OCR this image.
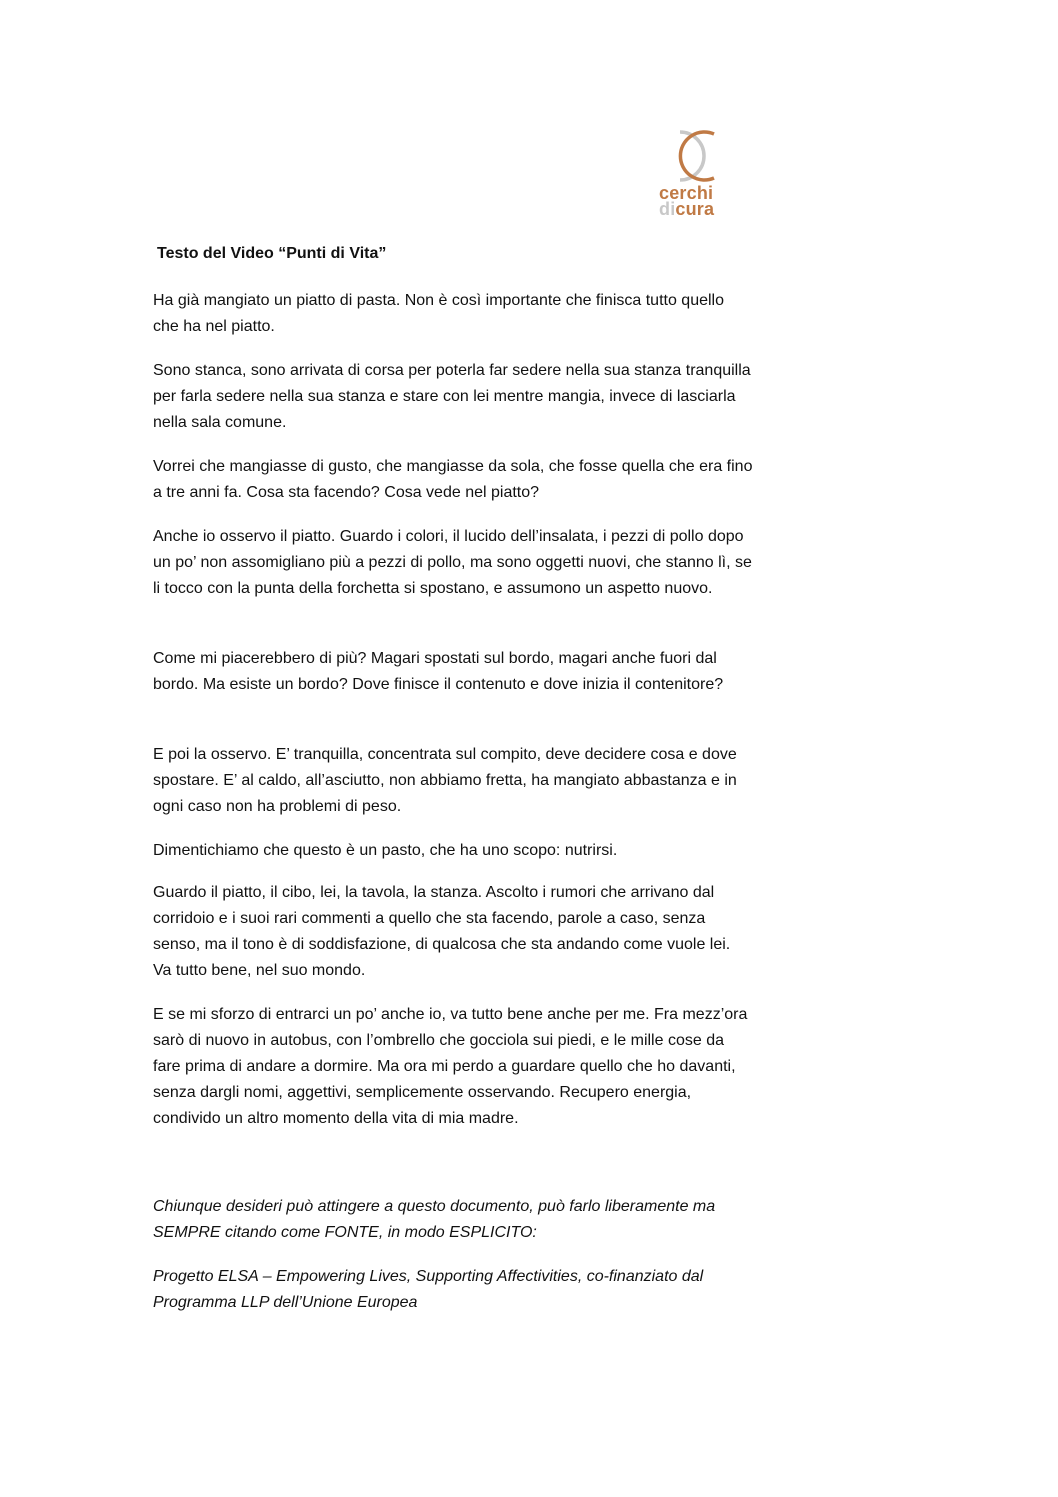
cerchi
dicura

Testo del Video “Punti di Vita”

Ha già mangiato un piatto di pasta. Non è così importante che finisca tutto quello che ha nel piatto.

Sono stanca, sono arrivata di corsa per poterla far sedere nella sua stanza tranquilla per farla sedere nella sua stanza e stare con lei mentre mangia, invece di lasciarla nella sala comune.

Vorrei che mangiasse di gusto, che mangiasse da sola, che fosse quella che era fino a tre anni fa. Cosa sta facendo? Cosa vede nel piatto?

Anche io osservo il piatto. Guardo i colori, il lucido dell’insalata, i pezzi di pollo dopo un po’ non assomigliano più a pezzi di pollo, ma sono oggetti nuovi, che stanno lì, se li tocco con la punta della forchetta si spostano, e assumono un aspetto nuovo.

Come mi piacerebbero di più? Magari spostati sul bordo, magari anche fuori dal bordo. Ma esiste un bordo? Dove finisce il contenuto e dove inizia il contenitore?

E poi la osservo. E’ tranquilla, concentrata sul compito, deve decidere cosa e dove spostare. E’ al caldo, all’asciutto, non abbiamo fretta, ha mangiato abbastanza e in ogni caso non ha problemi di peso.

Dimentichiamo che questo è un pasto, che ha uno scopo: nutrirsi.

Guardo il piatto, il cibo, lei, la tavola, la stanza. Ascolto i rumori che arrivano dal corridoio e i suoi rari commenti a quello che sta facendo, parole a caso, senza senso, ma il tono è di soddisfazione, di qualcosa che sta andando come vuole lei. Va tutto bene, nel suo mondo.

E se mi sforzo di entrarci un po’ anche io, va tutto bene anche per me. Fra mezz’ora sarò di nuovo in autobus, con l’ombrello che gocciola sui piedi, e le mille cose da fare prima di andare a dormire. Ma ora mi perdo a guardare quello che ho davanti, senza dargli nomi, aggettivi, semplicemente osservando. Recupero energia, condivido un altro momento della vita di mia madre.

Chiunque desideri può attingere a questo documento, può farlo liberamente ma SEMPRE citando come FONTE, in modo ESPLICITO:

Progetto ELSA – Empowering Lives, Supporting Affectivities, co-finanziato dal Programma LLP dell’Unione Europea
